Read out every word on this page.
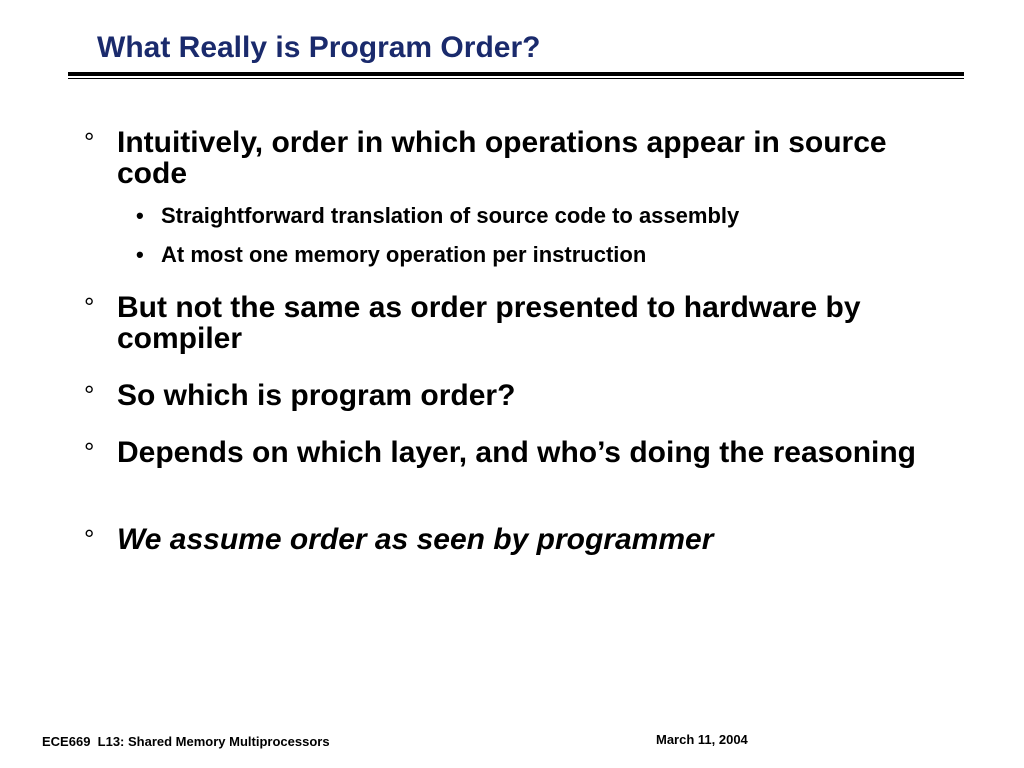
What Really is Program Order?
° Intuitively, order in which operations appear in source code
• Straightforward translation of source code to assembly
• At most one memory operation per instruction
° But not the same as order presented to hardware by compiler
° So which is program order?
° Depends on which layer, and who’s doing the reasoning
° We assume order as seen by programmer
ECE669  L13: Shared Memory Multiprocessors	March 11, 2004
